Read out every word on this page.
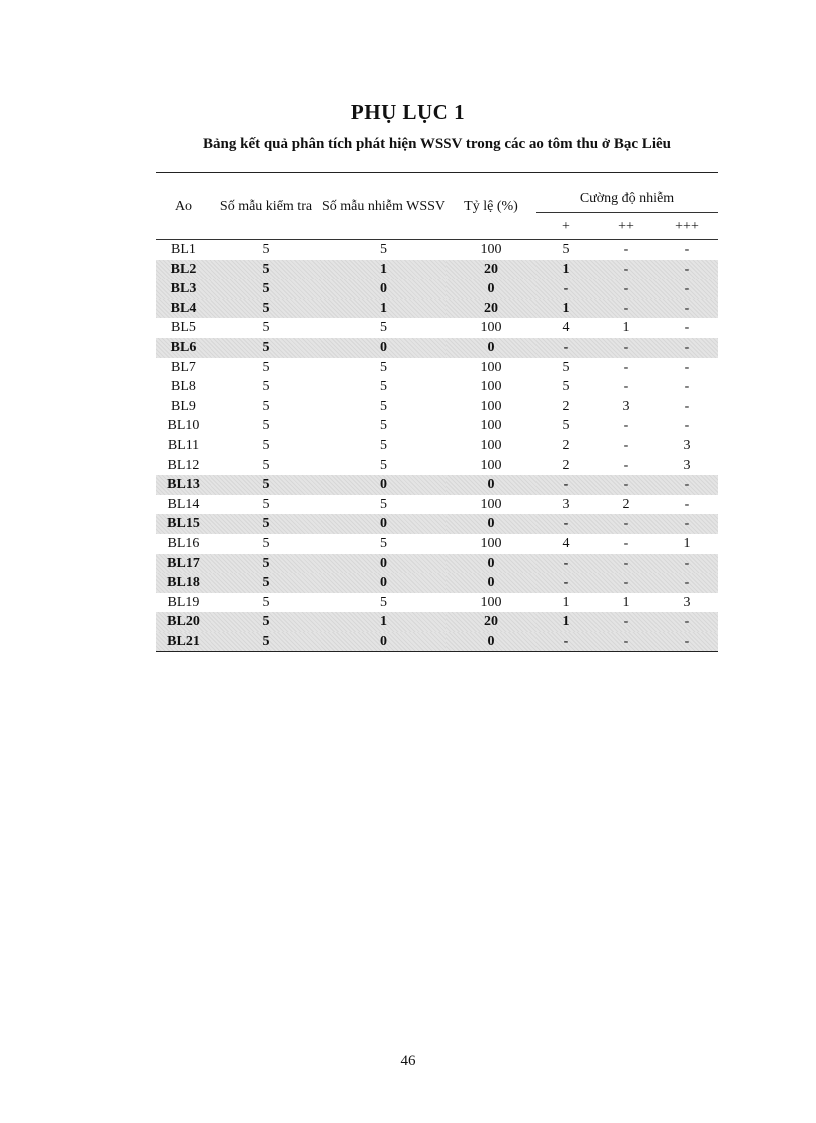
PHỤ LỤC 1
Bảng kết quả phân tích phát hiện WSSV trong các ao tôm thu ở Bạc Liêu
Ao	Số mẫu kiểm tra	Số mẫu nhiễm WSSV	Tỷ lệ (%)	Cường độ nhiễm		
				+	++	+++
BL1	5	5	100	5	-	-
BL2	5	1	20	1	-	-
BL3	5	0	0	-	-	-
BL4	5	1	20	1	-	-
BL5	5	5	100	4	1	-
BL6	5	0	0	-	-	-
BL7	5	5	100	5	-	-
BL8	5	5	100	5	-	-
BL9	5	5	100	2	3	-
BL10	5	5	100	5	-	-
BL11	5	5	100	2	-	3
BL12	5	5	100	2	-	3
BL13	5	0	0	-	-	-
BL14	5	5	100	3	2	-
BL15	5	0	0	-	-	-
BL16	5	5	100	4	-	1
BL17	5	0	0	-	-	-
BL18	5	0	0	-	-	-
BL19	5	5	100	1	1	3
BL20	5	1	20	1	-	-
BL21	5	0	0	-	-	-
46
